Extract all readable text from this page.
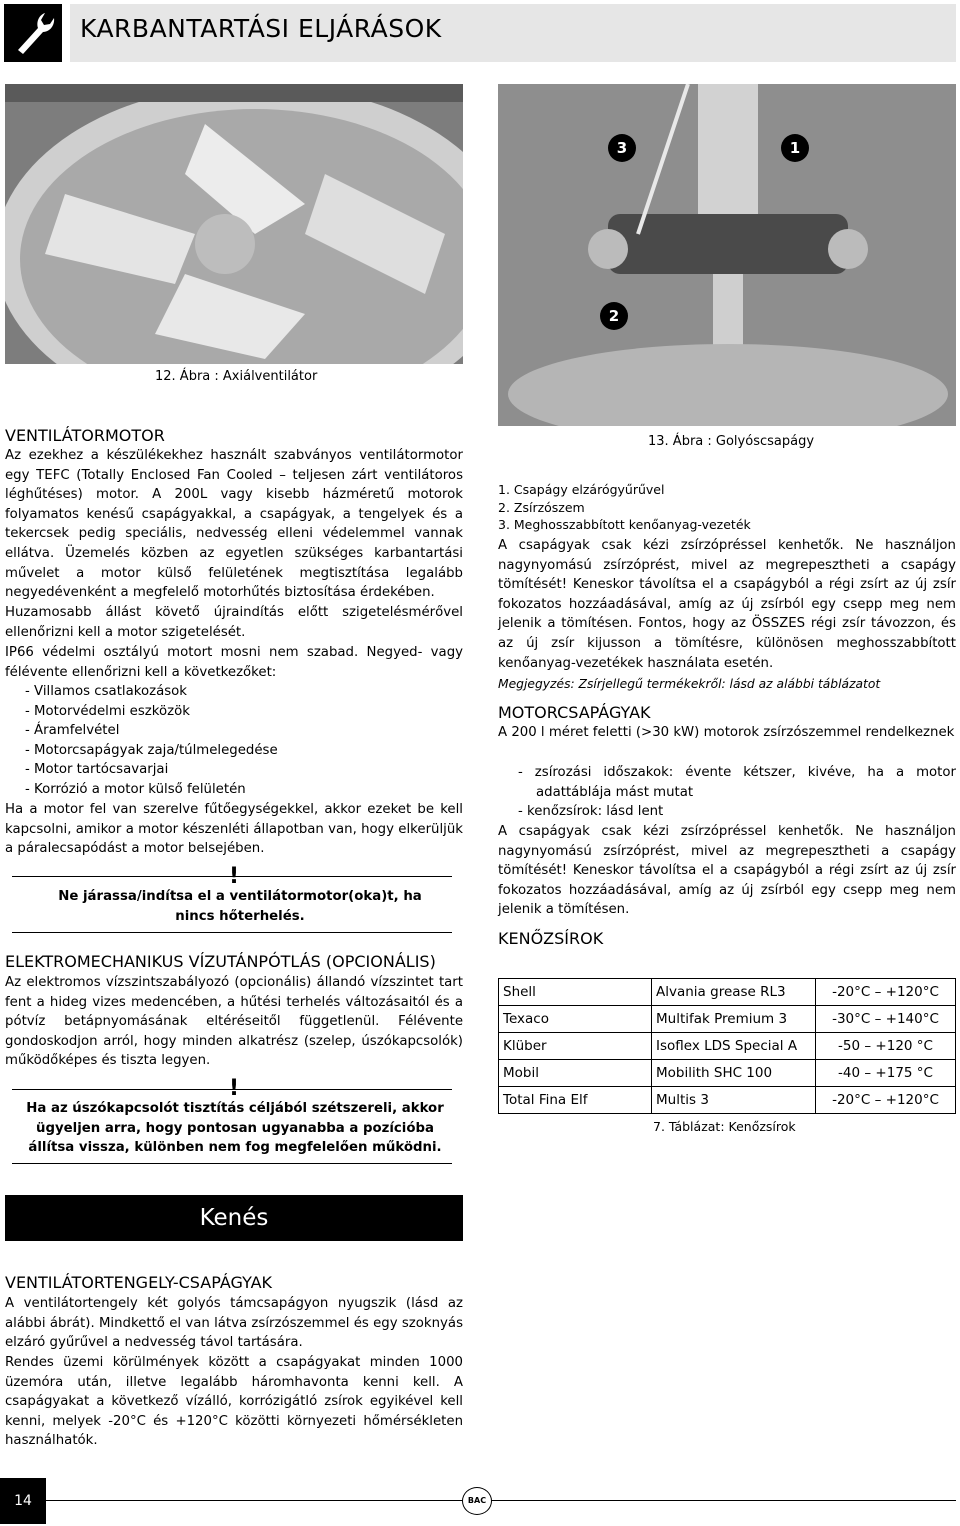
KARBANTARTÁSI ELJÁRÁSOK
12. Ábra : Axiálventilátor
3	1
2
13. Ábra : Golyóscsapágy
VENTILÁTORMOTOR
Az ezekhez a készülékekhez használt szabványos ventilátormotor egy TEFC (Totally Enclosed Fan Cooled – teljesen zárt ventilátoros léghűtéses) motor. A 200L vagy kisebb házméretű motorok folyamatos kenésű csapágyakkal, a csapágyak, a tengelyek és a tekercsek pedig speciális, nedvesség elleni védelemmel vannak ellátva. Üzemelés közben az egyetlen szükséges karbantartási művelet a motor külső felületének megtisztítása legalább negyedévenként a megfelelő motorhűtés biztosítása érdekében.
Huzamosabb állást követő újraindítás előtt szigetelésmérővel ellenőrizni kell a motor szigetelését.
IP66 védelmi osztályú motort mosni nem szabad. Negyed- vagy félévente ellenőrizni kell a következőket:
- Villamos csatlakozások
- Motorvédelmi eszközök
- Áramfelvétel
- Motorcsapágyak zaja/túlmelegedése
- Motor tartócsavarjai
- Korrózió a motor külső felületén
Ha a motor fel van szerelve fűtőegységekkel, akkor ezeket be kell kapcsolni, amikor a motor készenléti állapotban van, hogy elkerüljük a páralecsapódást a motor belsejében.
Ne járassa/indítsa el a ventilátormotor(oka)t, ha nincs hőterhelés.
ELEKTROMECHANIKUS VÍZUTÁNPÓTLÁS (OPCIONÁLIS)
Az elektromos vízszintszabályozó (opcionális) állandó vízszintet tart fent a hideg vizes medencében, a hűtési terhelés változásaitól és a pótvíz betápnyomásának eltéréseitől függetlenül. Félévente gondoskodjon arról, hogy minden alkatrész (szelep, úszókapcsolók) működőképes és tiszta legyen.
Ha az úszókapcsolót tisztítás céljából szétszereli, akkor ügyeljen arra, hogy pontosan ugyanabba a pozícióba állítsa vissza, különben nem fog megfelelően működni.
Kenés
VENTILÁTORTENGELY-CSAPÁGYAK
A ventilátortengely két golyós támcsapágyon nyugszik (lásd az alábbi ábrát). Mindkettő el van látva zsírzószemmel és egy szoknyás elzáró gyűrűvel a nedvesség távol tartására.
Rendes üzemi körülmények között a csapágyakat minden 1000 üzemóra után, illetve legalább háromhavonta kenni kell. A csapágyakat a következő vízálló, korrózigátló zsírok egyikével kell kenni, melyek -20°C és +120°C közötti környezeti hőmérsékleten használhatók.
1. Csapágy elzárógyűrűvel
2. Zsírzószem
3. Meghosszabbított kenőanyag-vezeték
A csapágyak csak kézi zsírzópréssel kenhetők. Ne használjon nagynyomású zsírzóprést, mivel az megrepesztheti a csapágy tömítését! Keneskor távolítsa el a csapágyból a régi zsírt az új zsír fokozatos hozzáadásával, amíg az új zsírból egy csepp meg nem jelenik a tömítésen. Fontos, hogy az ÖSSZES régi zsír távozzon, és az új zsír kijusson a tömítésre, különösen meghosszabbított kenőanyag-vezetékek használata esetén.
Megjegyzés: Zsírjellegű termékekről: lásd az alábbi táblázatot
MOTORCSAPÁGYAK
A 200 l méret feletti (>30 kW) motorok zsírzószemmel rendelkeznek
- zsírozási időszakok: évente kétszer, kivéve, ha a motor adattáblája mást mutat
- kenőzsírok: lásd lent
A csapágyak csak kézi zsírzópréssel kenhetők. Ne használjon nagynyomású zsírzóprést, mivel az megrepesztheti a csapágy tömítését! Keneskor távolítsa el a csapágyból a régi zsírt az új zsír fokozatos hozzáadásával, amíg az új zsírból egy csepp meg nem jelenik a tömítésen.
KENŐZSÍROK
Shell	Alvania grease RL3	-20°C – +120°C
Texaco	Multifak Premium 3	-30°C – +140°C
Klüber	Isoflex LDS Special A	-50 – +120 °C
Mobil	Mobilith SHC 100	-40 – +175 °C
Total Fina Elf	Multis 3	-20°C – +120°C
7. Táblázat: Kenőzsírok
14	BAC
